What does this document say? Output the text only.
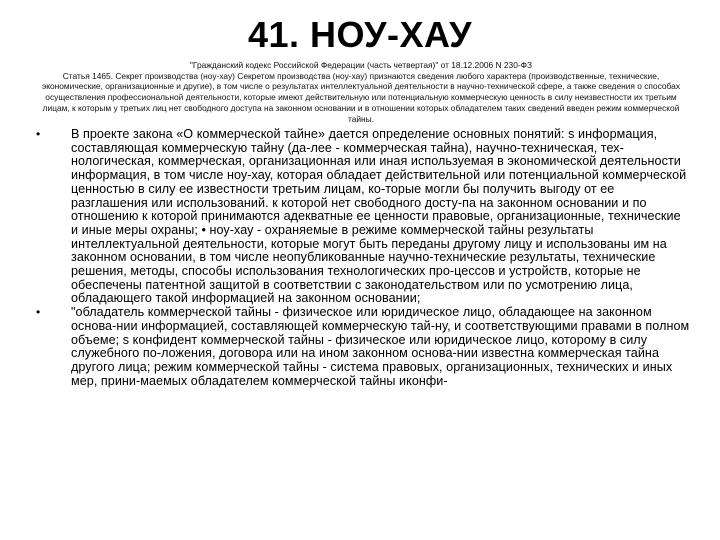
41. НОУ-ХАУ

"Гражданский кодекс Российской Федерации (часть четвертая)" от 18.12.2006 N 230-ФЗ

Статья 1465. Секрет производства (ноу-хау) Секретом производства (ноу-хау) признаются сведения любого характера (производственные, технические, экономические, организационные и другие), в том числе о результатах интеллектуальной деятельности в научно-технической сфере, а также сведения о способах осуществления профессиональной деятельности, которые имеют действительную или потенциальную коммерческую ценность в силу неизвестности их третьим лицам, к которым у третьих лиц нет свободного доступа на законном основании и в отношении которых обладателем таких сведений введен режим коммерческой тайны.

•	В проекте закона «О коммерческой тайне» дается определение основных понятий: s информация, составляющая коммерческую тайну (да-лее - коммерческая тайна), научно-техническая, тех-нологическая, коммерческая, организационная или иная используемая в экономической деятельности информация, в том числе ноу-хау, которая обладает действительной или потенциальной коммерческой ценностью в силу ее известности третьим лицам, ко-торые могли бы получить выгоду от ее разглашения или использований. к которой нет свободного досту-па на законном основании и по отношению к которой принимаются адекватные ее ценности правовые, организационные, технические и иные меры охраны; • ноу-хау - охраняемые в режиме коммерческой тайны результаты интеллектуальной деятельности, которые могут быть переданы другому лицу и использованы им на законном основании, в том числе неопубликованные научно-технические результаты, технические решения, методы, способы использования технологических про-цессов и устройств, которые не обеспечены патентной защитой в соответствии с законодательством или по усмотрению лица, обладающего такой информацией на законном основании;
•	"обладатель коммерческой тайны - физическое или юридическое лицо, обладающее на законном основа-нии информацией, составляющей коммерческую тай-ну, и соответствующими правами в полном объеме; s конфидент коммерческой тайны - физическое или юридическое лицо, которому в силу служебного по-ложения, договора или на ином законном основа-нии известна коммерческая тайна другого лица; режим коммерческой тайны - система правовых, организационных, технических и иных мер, прини-маемых обладателем коммерческой тайны иконфи-
